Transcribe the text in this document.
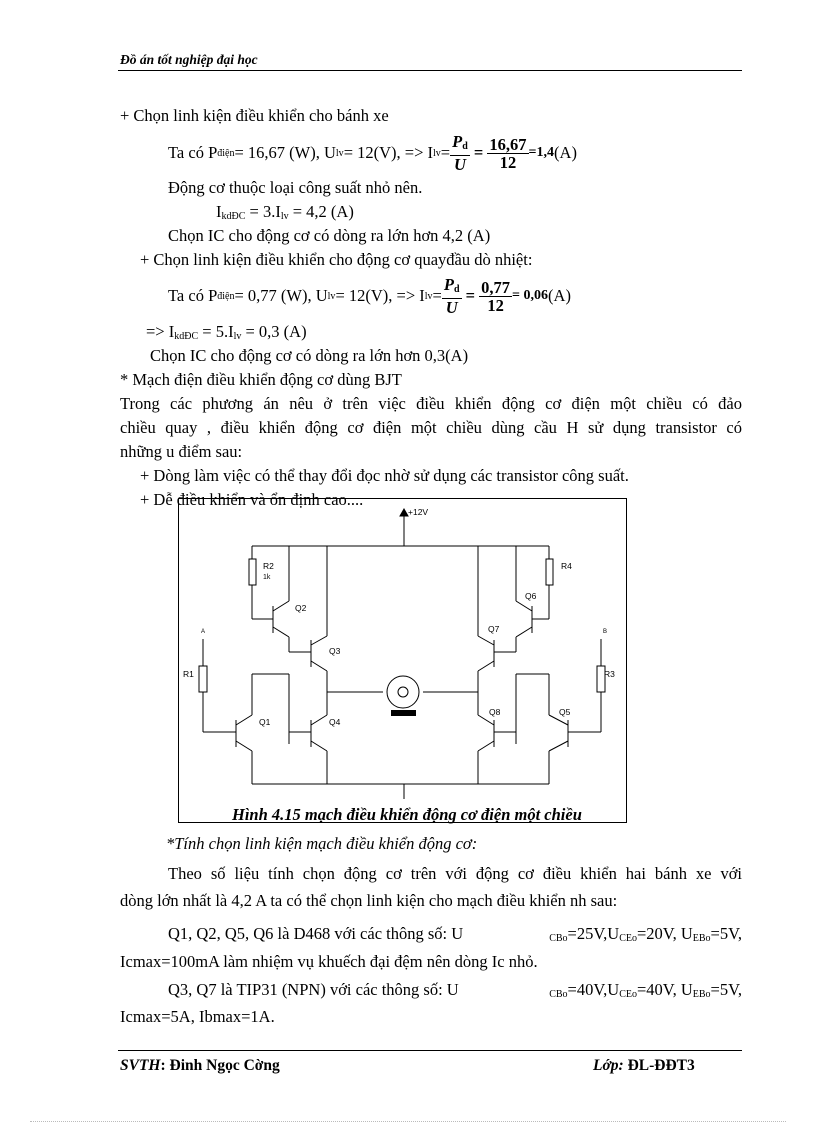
Đồ án tốt nghiệp đại học
+ Chọn linh kiện điều khiển cho bánh xe
Ta có P điện = 16,67 (W), U lv = 12(V), => I lv = $\frac{P_d}{U} = \frac{16,67}{12} =1,4$ (A)
Động cơ thuộc loại công suất nhỏ nên.
$I_{kdĐC} = 3.I_{lv} = 4,2$ (A)
Chọn IC cho động cơ có dòng ra lớn hơn 4,2 (A)
+ Chọn linh kiện điều khiển cho động cơ quayđầu dò nhiệt:
Ta có P điện = 0,77 (W), U lv = 12(V), => I lv = $\frac{P_d}{U} = \frac{0,77}{12} = 0,06$ (A)
=> $I_{kdĐC} = 5.I_{lv} = 0,3$ (A)
Chọn IC cho động cơ có dòng ra lớn hơn 0,3(A)
* Mạch điện điều khiển động cơ dùng BJT
Trong các phương án nêu ở trên việc điều khiển động cơ điện một chiều có đảo
chiều quay , điều khiển động cơ điện một chiều dùng cầu H sử dụng transistor có
những u điểm sau:
+ Dòng làm việc có thể thay đổi đọc nhờ sử dụng các transistor công suất.
+ Dễ điều khiển và ổn định cao....
+12V
R2
1k
R4
Q2
Q3
Q6
Q7
A	B
R1	R3
Q1	Q4
Q8	Q5
Hình 4.15 mạch điều khiển động cơ điện một chiều
*Tính chọn linh kiện mạch điều khiển động cơ:
Theo số liệu tính chọn động cơ trên với động cơ điều khiển hai bánh xe với
dòng lớn nhất là 4,2 A ta có thể chọn linh kiện cho mạch điều khiển nh sau:
Q1, Q2, Q5, Q6 là D468 với các thông số: U	$_{CBo}=25V,U_{CEo}=20V$, $U_{EBo}=5V$,
Icmax=100mA làm nhiệm vụ khuếch đại đệm nên dòng Ic nhỏ.
Q3, Q7 là TIP31 (NPN) với các thông số: U	$_{CBo}=40V,U_{CEo}=40V$, $U_{EBo}=5V$,
Icmax=5A, Ibmax=1A.
SVTH: Đinh Ngọc Cờng	Lớp: ĐL-ĐĐT3
